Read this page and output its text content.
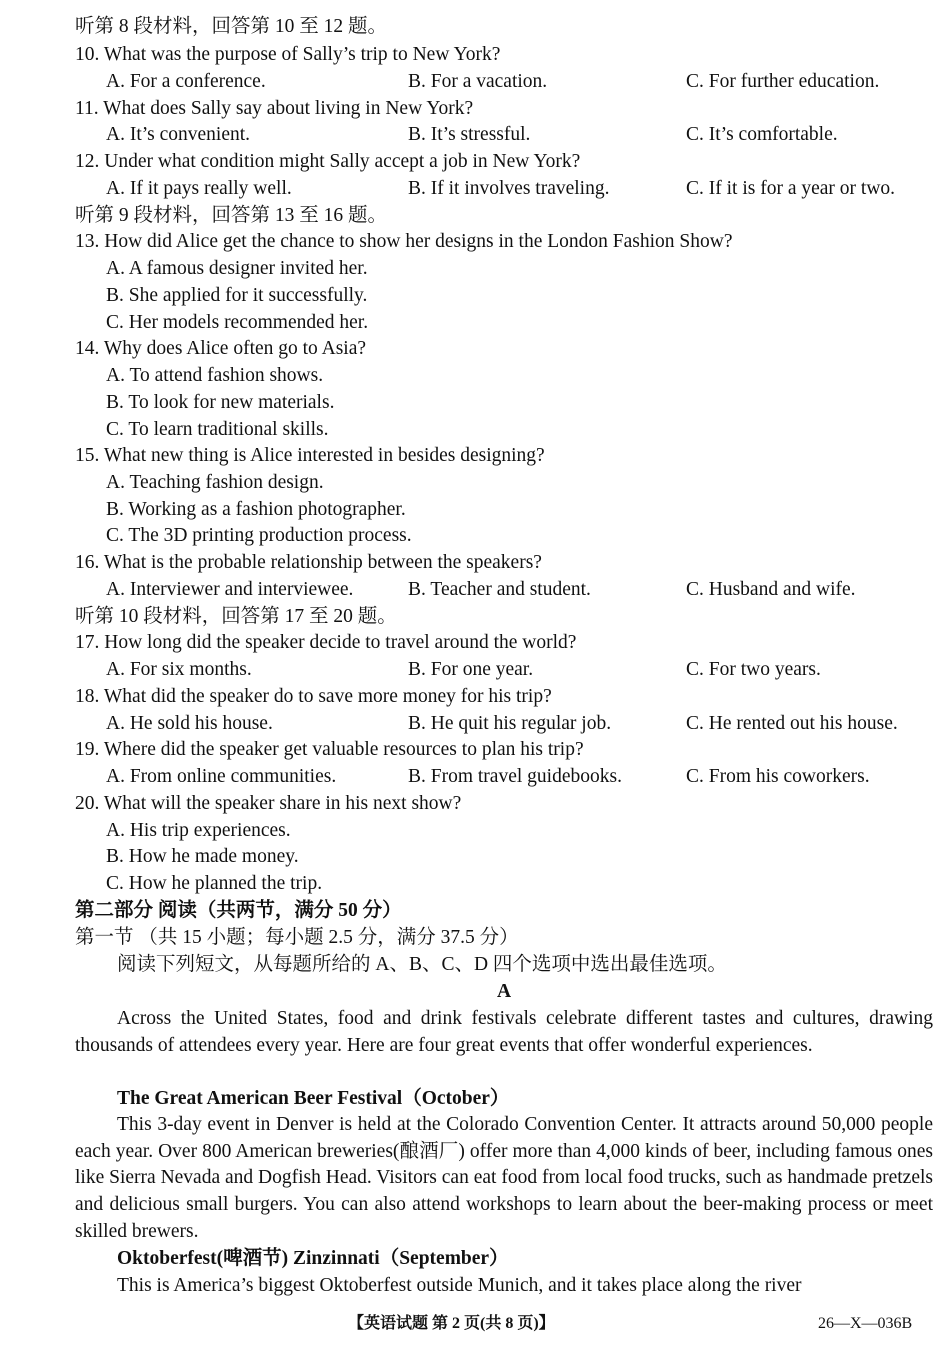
听第 8 段材料，回答第 10 至 12 题。
10. What was the purpose of Sally’s trip to New York?
A. For a conference.	B. For a vacation.	C. For further education.
11. What does Sally say about living in New York?
A. It’s convenient.	B. It’s stressful.	C. It’s comfortable.
12. Under what condition might Sally accept a job in New York?
A. If it pays really well.	B. If it involves traveling.	C. If it is for a year or two.
听第 9 段材料，回答第 13 至 16 题。
13. How did Alice get the chance to show her designs in the London Fashion Show?
A. A famous designer invited her.
B. She applied for it successfully.
C. Her models recommended her.
14. Why does Alice often go to Asia?
A. To attend fashion shows.
B. To look for new materials.
C. To learn traditional skills.
15. What new thing is Alice interested in besides designing?
A. Teaching fashion design.
B. Working as a fashion photographer.
C. The 3D printing production process.
16. What is the probable relationship between the speakers?
A. Interviewer and interviewee.	B. Teacher and student.	C. Husband and wife.
听第 10 段材料，回答第 17 至 20 题。
17. How long did the speaker decide to travel around the world?
A. For six months.	B. For one year.	C. For two years.
18. What did the speaker do to save more money for his trip?
A. He sold his house.	B. He quit his regular job.	C. He rented out his house.
19. Where did the speaker get valuable resources to plan his trip?
A. From online communities.	B. From travel guidebooks.	C. From his coworkers.
20. What will the speaker share in his next show?
A. His trip experiences.
B. How he made money.
C. How he planned the trip.
第二部分 阅读（共两节，满分 50 分）
第一节 （共 15 小题；每小题 2.5 分，满分 37.5 分）
阅读下列短文，从每题所给的 A、B、C、D 四个选项中选出最佳选项。
A
Across the United States, food and drink festivals celebrate different tastes and cultures, drawing thousands of attendees every year. Here are four great events that offer wonderful experiences.
The Great American Beer Festival（October）
This 3-day event in Denver is held at the Colorado Convention Center. It attracts around 50,000 people each year. Over 800 American breweries(酿酒厂) offer more than 4,000 kinds of beer, including famous ones like Sierra Nevada and Dogfish Head. Visitors can eat food from local food trucks, such as handmade pretzels and delicious small burgers. You can also attend workshops to learn about the beer-making process or meet skilled brewers.
Oktoberfest(啤酒节) Zinzinnati（September）
This is America’s biggest Oktoberfest outside Munich, and it takes place along the river
【英语试题 第 2 页(共 8 页)】	26—X—036B
